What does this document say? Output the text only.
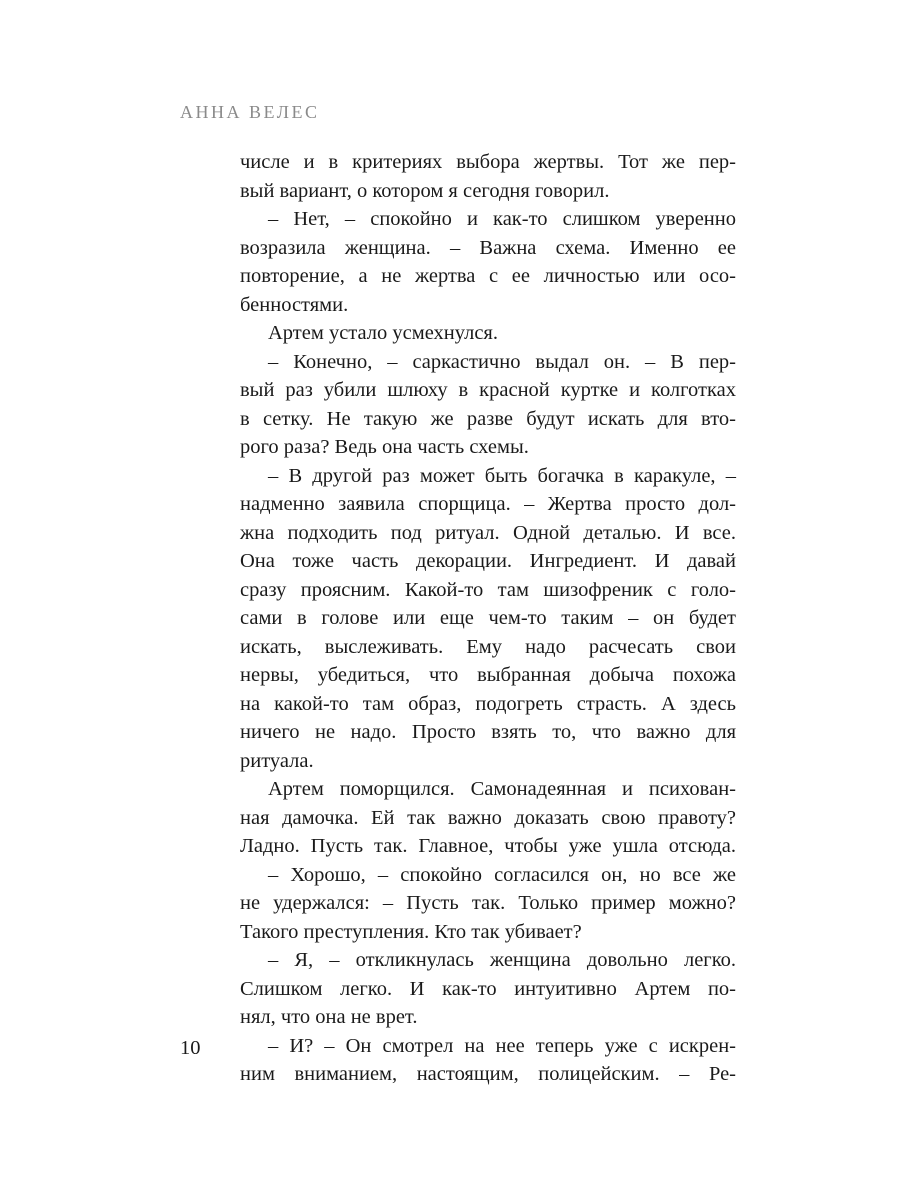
АННА ВЕЛЕС
числе и в критериях выбора жертвы. Тот же пер-
вый вариант, о котором я сегодня говорил.
– Нет, – спокойно и как-то слишком уверенно
возразила женщина. – Важна схема. Именно ее
повторение, а не жертва с ее личностью или осо-
бенностями.
Артем устало усмехнулся.
– Конечно, – саркастично выдал он. – В пер-
вый раз убили шлюху в красной куртке и колготках
в сетку. Не такую же разве будут искать для вто-
рого раза? Ведь она часть схемы.
– В другой раз может быть богачка в каракуле, –
надменно заявила спорщица. – Жертва просто дол-
жна подходить под ритуал. Одной деталью. И все.
Она тоже часть декорации. Ингредиент. И давай
сразу проясним. Какой-то там шизофреник с голо-
сами в голове или еще чем-то таким – он будет
искать, выслеживать. Ему надо расчесать свои
нервы, убедиться, что выбранная добыча похожа
на какой-то там образ, подогреть страсть. А здесь
ничего не надо. Просто взять то, что важно для
ритуала.
Артем поморщился. Самонадеянная и психован-
ная дамочка. Ей так важно доказать свою правоту?
Ладно. Пусть так. Главное, чтобы уже ушла отсюда.
– Хорошо, – спокойно согласился он, но все же
не удержался: – Пусть так. Только пример можно?
Такого преступления. Кто так убивает?
– Я, – откликнулась женщина довольно легко.
Слишком легко. И как-то интуитивно Артем по-
нял, что она не врет.
– И? – Он смотрел на нее теперь уже с искрен-
ним вниманием, настоящим, полицейским. – Ре-
10
